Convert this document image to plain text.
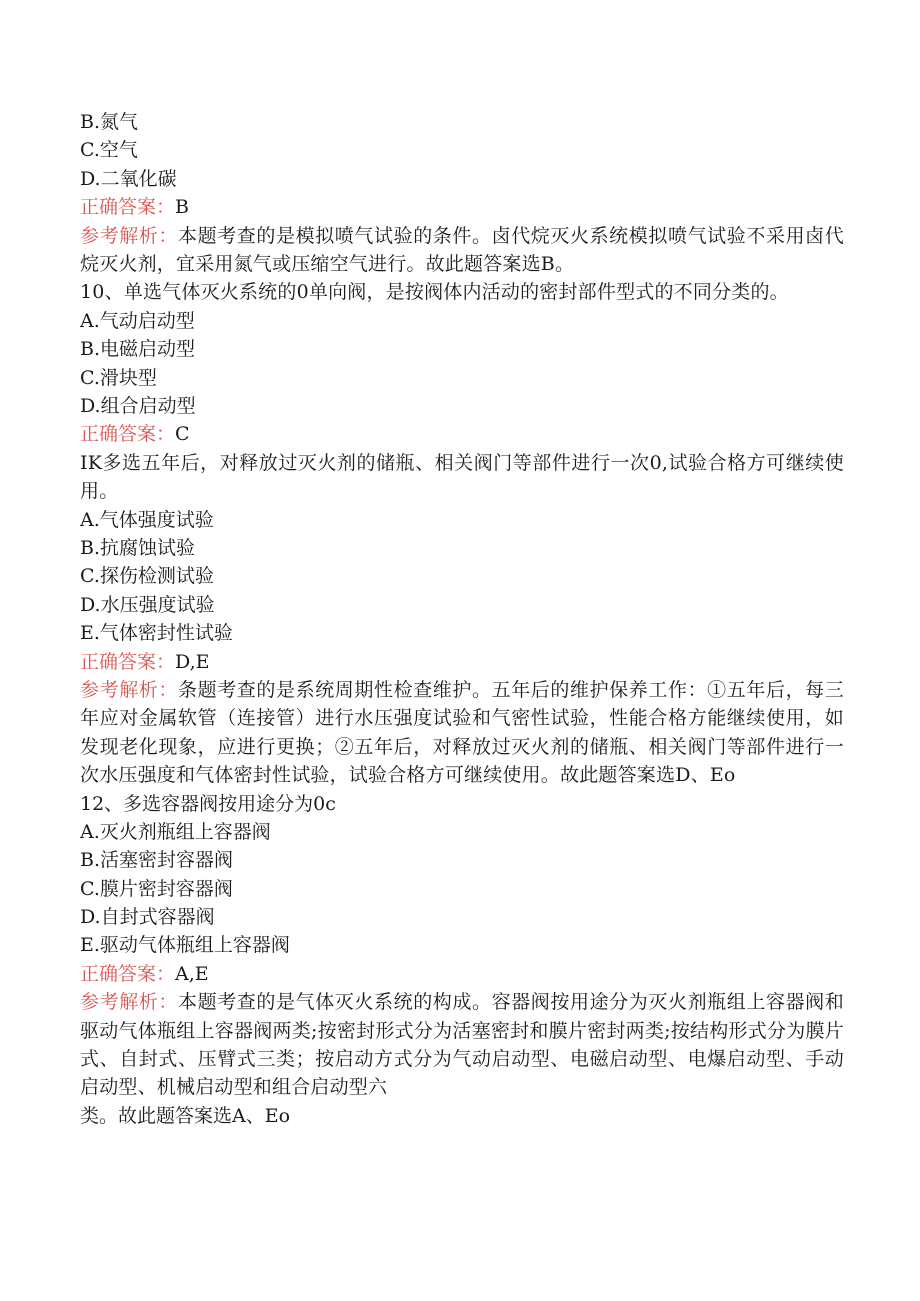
B.氮气
C.空气
D.二氧化碳
正确答案：B
参考解析：本题考查的是模拟喷气试验的条件。卤代烷灭火系统模拟喷气试验不采用卤代烷灭火剂，宜采用氮气或压缩空气进行。故此题答案选B。
10、单选气体灭火系统的0单向阀，是按阀体内活动的密封部件型式的不同分类的。
A.气动启动型
B.电磁启动型
C.滑块型
D.组合启动型
正确答案：C
IK多选五年后，对释放过灭火剂的储瓶、相关阀门等部件进行一次0,试验合格方可继续使用。
A.气体强度试验
B.抗腐蚀试验
C.探伤检测试验
D.水压强度试验
E.气体密封性试验
正确答案：D,E
参考解析：条题考查的是系统周期性检查维护。五年后的维护保养工作：①五年后，每三年应对金属软管（连接管）进行水压强度试验和气密性试验，性能合格方能继续使用，如发现老化现象，应进行更换；②五年后，对释放过灭火剂的储瓶、相关阀门等部件进行一次水压强度和气体密封性试验，试验合格方可继续使用。故此题答案选D、Eo
12、多选容器阀按用途分为0c
A.灭火剂瓶组上容器阀
B.活塞密封容器阀
C.膜片密封容器阀
D.自封式容器阀
E.驱动气体瓶组上容器阀
正确答案：A,E
参考解析：本题考查的是气体灭火系统的构成。容器阀按用途分为灭火剂瓶组上容器阀和驱动气体瓶组上容器阀两类;按密封形式分为活塞密封和膜片密封两类;按结构形式分为膜片式、自封式、压臂式三类；按启动方式分为气动启动型、电磁启动型、电爆启动型、手动启动型、机械启动型和组合启动型六
类。故此题答案选A、Eo
